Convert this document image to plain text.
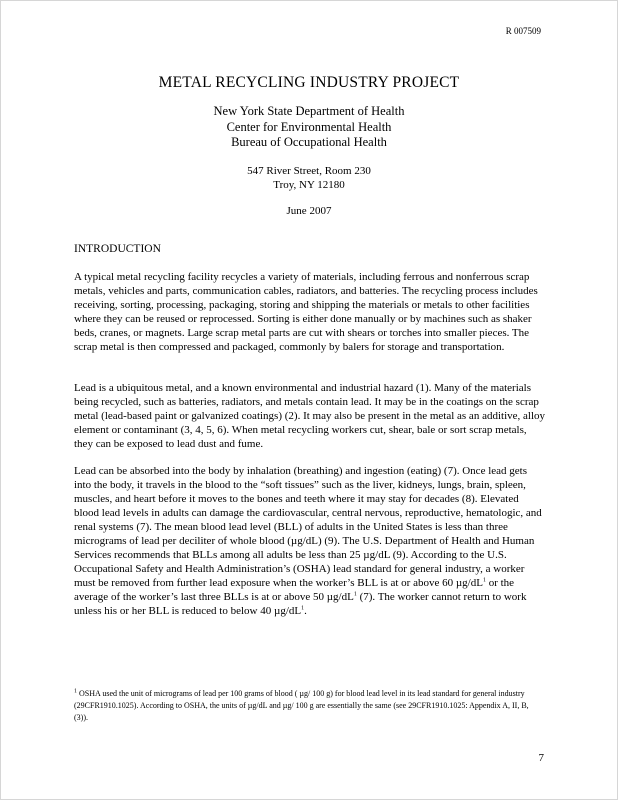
R 007509
METAL RECYCLING INDUSTRY PROJECT
New York State Department of Health
Center for Environmental Health
Bureau of Occupational Health
547 River Street, Room 230
Troy, NY 12180
June 2007
INTRODUCTION

A typical metal recycling facility recycles a variety of materials, including ferrous and nonferrous scrap metals, vehicles and parts, communication cables, radiators, and batteries. The recycling process includes receiving, sorting, processing, packaging, storing and shipping the materials or metals to other facilities where they can be reused or reprocessed. Sorting is either done manually or by machines such as shaker beds, cranes, or magnets. Large scrap metal parts are cut with shears or torches into smaller pieces. The scrap metal is then compressed and packaged, commonly by balers for storage and transportation.

Lead is a ubiquitous metal, and a known environmental and industrial hazard (1). Many of the materials being recycled, such as batteries, radiators, and metals contain lead. It may be in the coatings on the scrap metal (lead-based paint or galvanized coatings) (2). It may also be present in the metal as an additive, alloy element or contaminant (3, 4, 5, 6). When metal recycling workers cut, shear, bale or sort scrap metals, they can be exposed to lead dust and fume.

Lead can be absorbed into the body by inhalation (breathing) and ingestion (eating) (7). Once lead gets into the body, it travels in the blood to the “soft tissues” such as the liver, kidneys, lungs, brain, spleen, muscles, and heart before it moves to the bones and teeth where it may stay for decades (8). Elevated blood lead levels in adults can damage the cardiovascular, central nervous, reproductive, hematologic, and renal systems (7). The mean blood lead level (BLL) of adults in the United States is less than three micrograms of lead per deciliter of whole blood (µg/dL) (9). The U.S. Department of Health and Human Services recommends that BLLs among all adults be less than 25 µg/dL (9). According to the U.S. Occupational Safety and Health Administration’s (OSHA) lead standard for general industry, a worker must be removed from further lead exposure when the worker’s BLL is at or above 60 $\mu g/dL^1$ or the average of the worker’s last three BLLs is at or above 50 $\mu g/dL^1$ (7). The worker cannot return to work unless his or her BLL is reduced to below 40 $\mu g/dL^1$.

$^1$ OSHA used the unit of micrograms of lead per 100 grams of blood ( µg/ 100 g) for blood lead level in its lead standard for general industry (29CFR1910.1025). According to OSHA, the units of µg/dL and µg/ 100 g are essentially the same (see 29CFR1910.1025: Appendix A, II, B, (3)).
7
